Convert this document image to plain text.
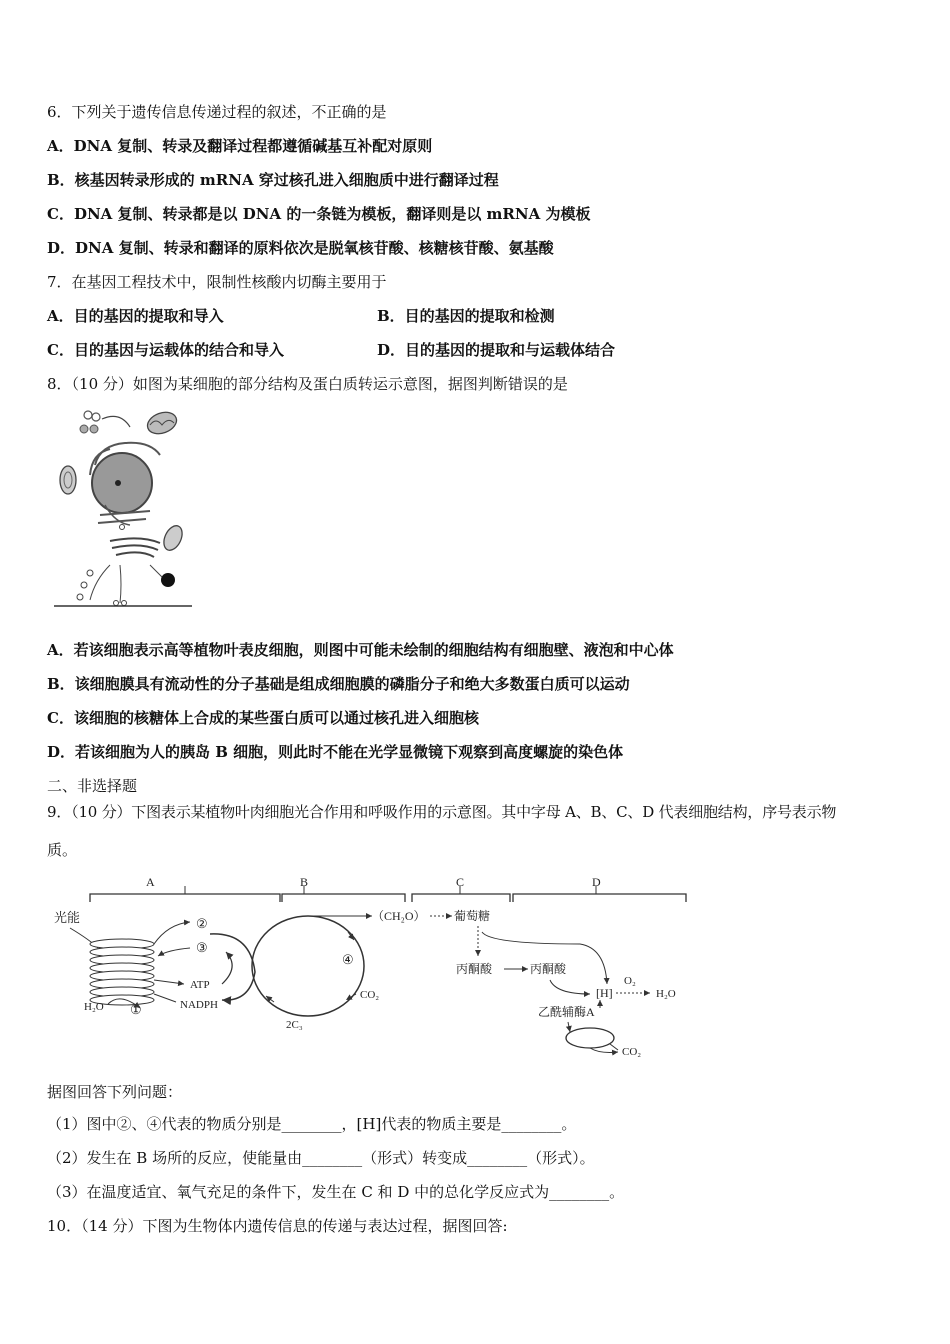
6．下列关于遗传信息传递过程的叙述，不正确的是
A．DNA 复制、转录及翻译过程都遵循碱基互补配对原则
B．核基因转录形成的 mRNA 穿过核孔进入细胞质中进行翻译过程
C．DNA 复制、转录都是以 DNA 的一条链为模板，翻译则是以 mRNA 为模板
D．DNA 复制、转录和翻译的原料依次是脱氧核苷酸、核糖核苷酸、氨基酸
7．在基因工程技术中，限制性核酸内切酶主要用于
A．目的基因的提取和导入	B．目的基因的提取和检测
C．目的基因与运载体的结合和导入	D．目的基因的提取和与运载体结合
8．（10 分）如图为某细胞的部分结构及蛋白质转运示意图，据图判断错误的是
A．若该细胞表示高等植物叶表皮细胞，则图中可能未绘制的细胞结构有细胞壁、液泡和中心体
B．该细胞膜具有流动性的分子基础是组成细胞膜的磷脂分子和绝大多数蛋白质可以运动
C．该细胞的核糖体上合成的某些蛋白质可以通过核孔进入细胞核
D．若该细胞为人的胰岛 B 细胞，则此时不能在光学显微镜下观察到高度螺旋的染色体
二、非选择题
9．（10 分）下图表示某植物叶肉细胞光合作用和呼吸作用的示意图。其中字母 A、B、C、D 代表细胞结构，序号表示物
质。
A	B	C	D
光能
H₂O ①
②
③
ATP
NADPH
④
2C₃
CO₂
（CH₂O） 葡萄糖
丙酮酸	丙酮酸
[H]
O₂
H₂O
乙酰辅酶A
CO₂
据图回答下列问题：
（1）图中②、④代表的物质分别是________，[H]代表的物质主要是________。
（2）发生在 B 场所的反应，使能量由________（形式）转变成________（形式）。
（3）在温度适宜、氧气充足的条件下，发生在 C 和 D 中的总化学反应式为________。
10．（14 分）下图为生物体内遗传信息的传递与表达过程，据图回答:
